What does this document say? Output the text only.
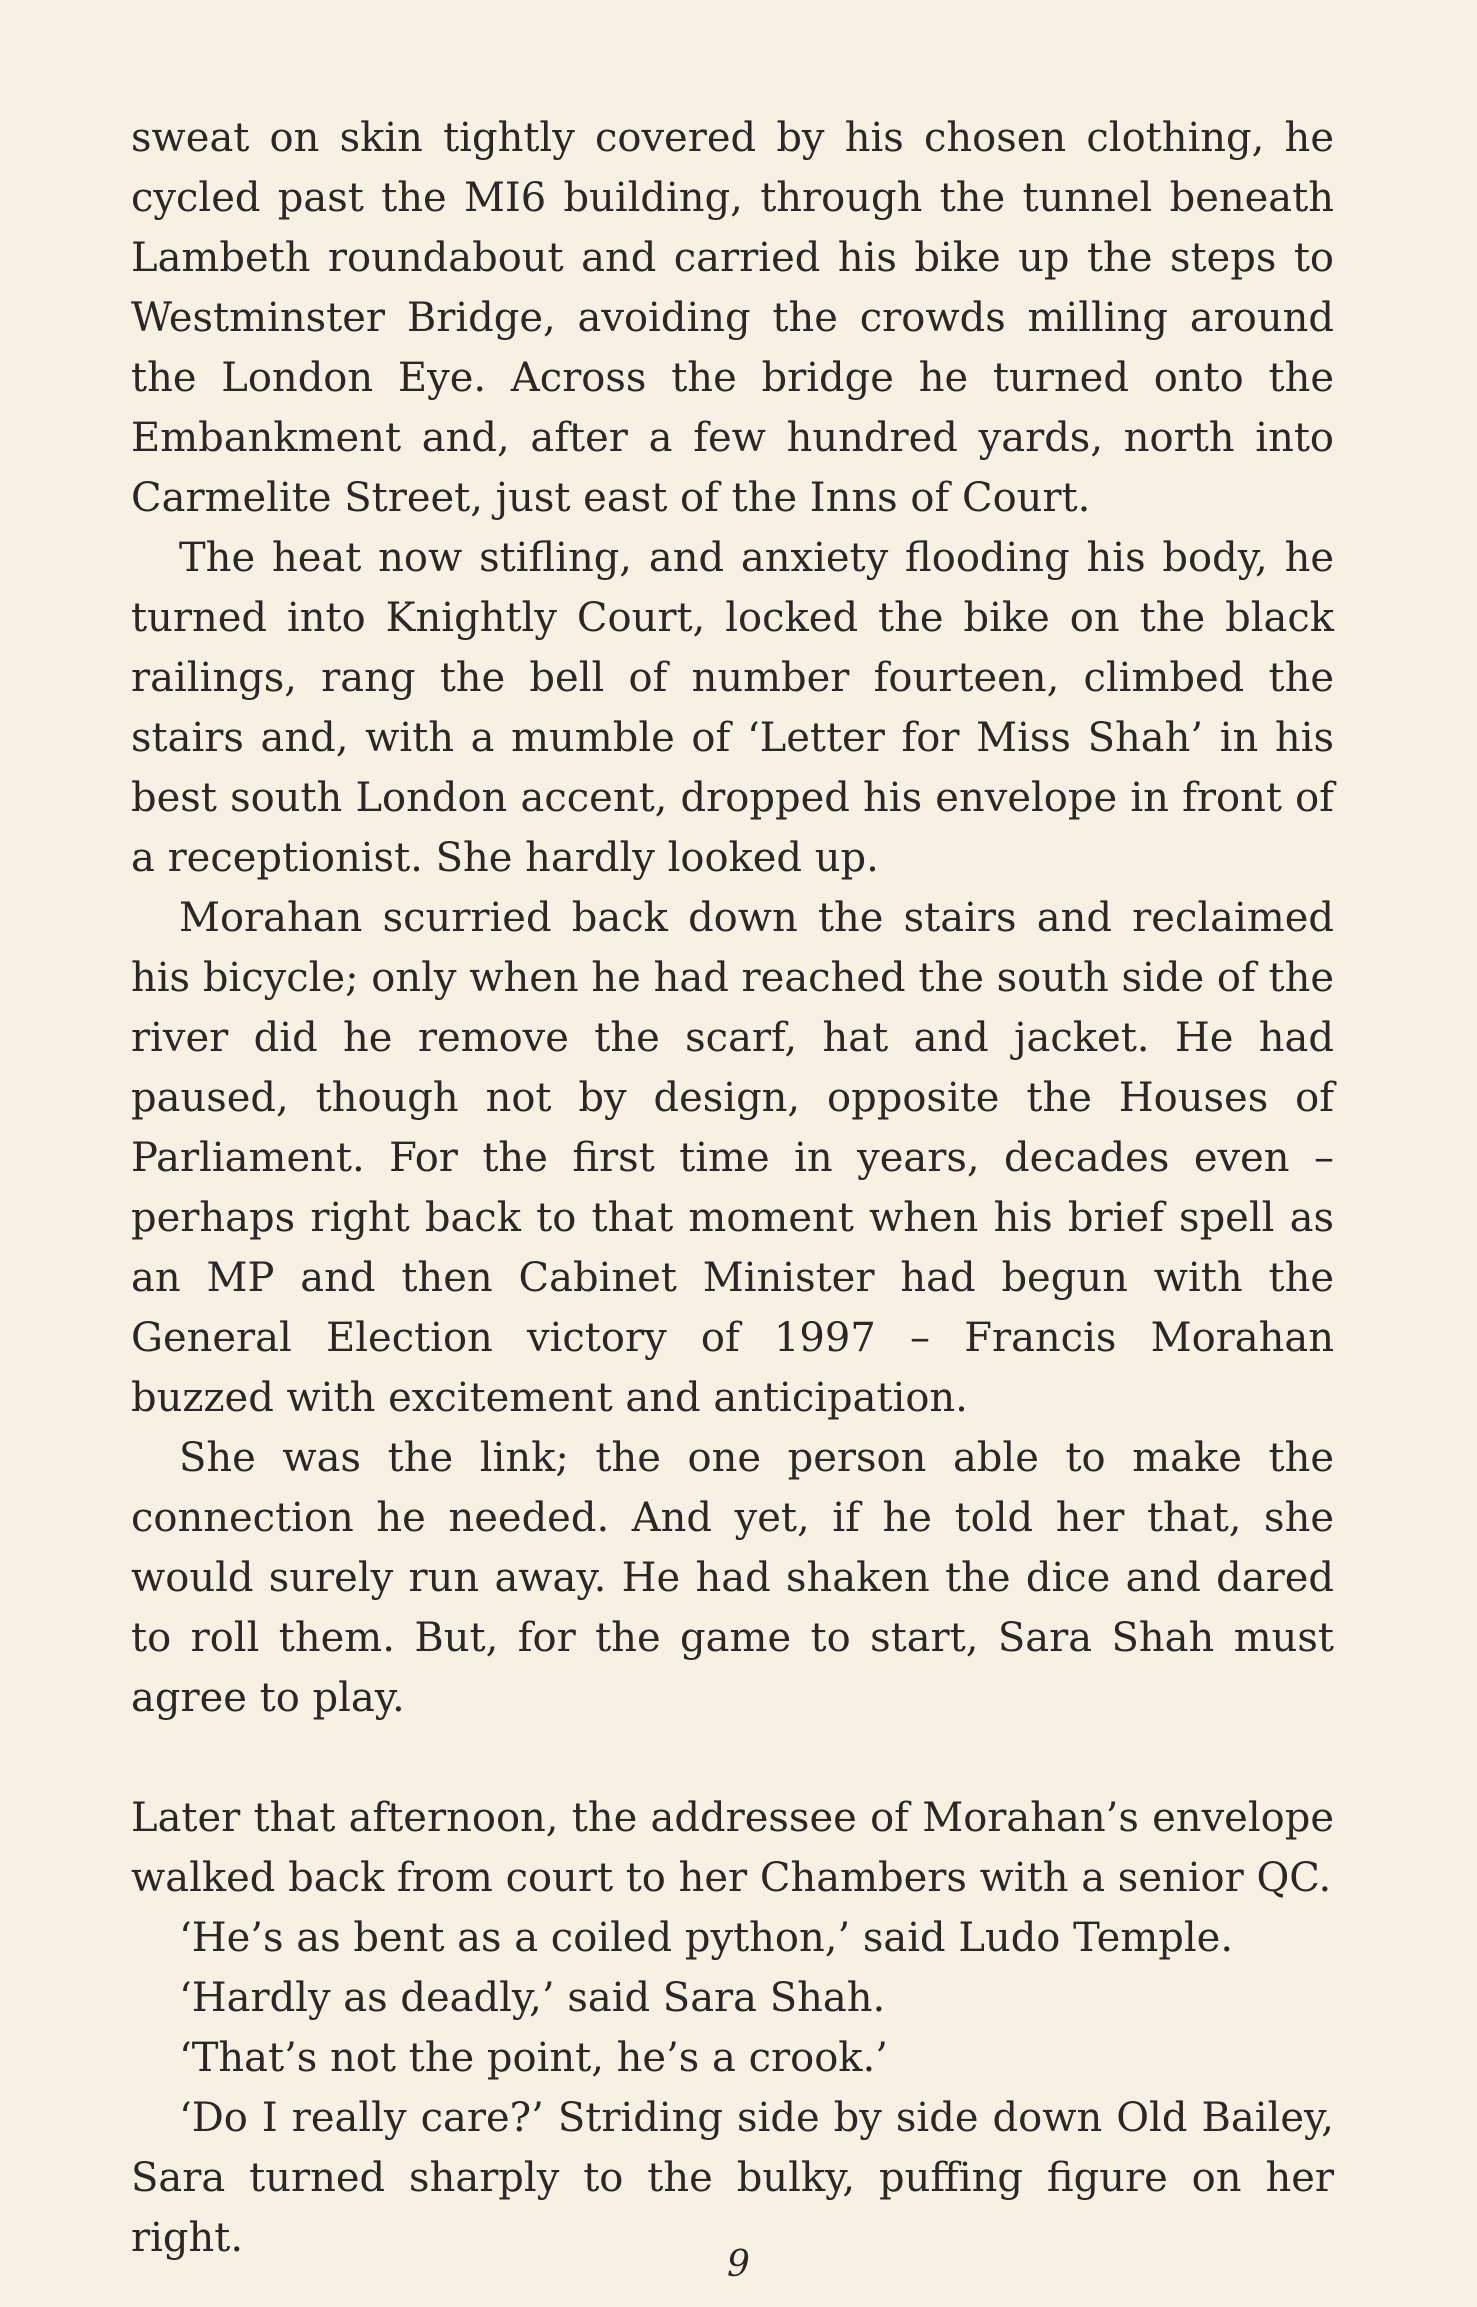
sweat on skin tightly covered by his chosen clothing, he cycled past the MI6 building, through the tunnel beneath Lambeth roundabout and carried his bike up the steps to Westminster Bridge, avoiding the crowds milling around the London Eye. Across the bridge he turned onto the Embankment and, after a few hundred yards, north into Carmelite Street, just east of the Inns of Court.

The heat now stifling, and anxiety flooding his body, he turned into Knightly Court, locked the bike on the black railings, rang the bell of number fourteen, climbed the stairs and, with a mumble of ‘Letter for Miss Shah’ in his best south London accent, dropped his envelope in front of a receptionist. She hardly looked up.

Morahan scurried back down the stairs and reclaimed his bicycle; only when he had reached the south side of the river did he remove the scarf, hat and jacket. He had paused, though not by design, opposite the Houses of Parliament. For the first time in years, decades even – perhaps right back to that moment when his brief spell as an MP and then Cabinet Minister had begun with the General Election victory of 1997 – Francis Morahan buzzed with excitement and anticipation.

She was the link; the one person able to make the connection he needed. And yet, if he told her that, she would surely run away. He had shaken the dice and dared to roll them. But, for the game to start, Sara Shah must agree to play.

Later that afternoon, the addressee of Morahan’s envelope walked back from court to her Chambers with a senior QC.

‘He’s as bent as a coiled python,’ said Ludo Temple.

‘Hardly as deadly,’ said Sara Shah.

‘That’s not the point, he’s a crook.’

‘Do I really care?’ Striding side by side down Old Bailey, Sara turned sharply to the bulky, puffing figure on her right.

9
